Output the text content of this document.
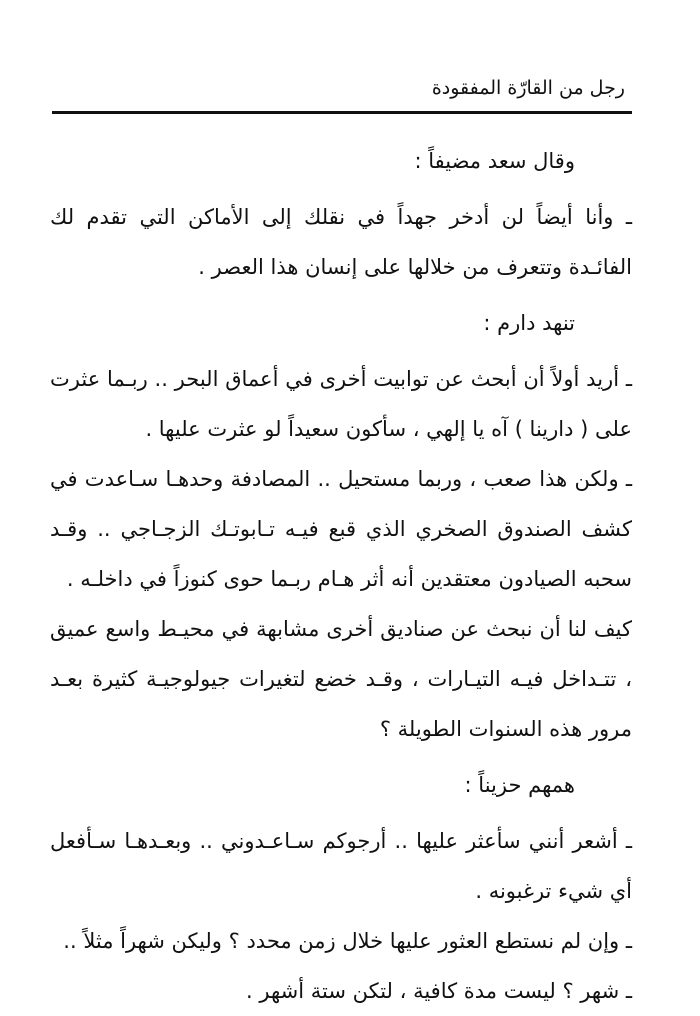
رجل من القارّة المفقودة

وقال سعد مضيفاً :

ـ وأنا أيضاً لن أدخر جهداً في نقلك إلى الأماكن التي تقدم لك الفائـدة وتتعرف من خلالها على إنسان هذا العصر .

تنهد دارم :

ـ أريد أولاً أن أبحث عن توابيت أخرى في أعماق البحر .. ربـما عثرت على ( دارينا ) آه يا إلهي ، سأكون سعيداً لو عثرت عليها .

ـ ولكن هذا صعب ، وربما مستحيل .. المصادفة وحدهـا سـاعدت في كشف الصندوق الصخري الذي قبع فيـه تـابوتـك الزجـاجي .. وقـد سحبه الصيادون معتقدين أنه أثر هـام ربـما حوى كنوزاً في داخلـه .

كيف لنا أن نبحث عن صناديق أخرى مشابهة في محيـط واسع عميق ، تتـداخل فيـه التيـارات ، وقـد خضع لتغيرات جيولوجيـة كثيرة بعـد مرور هذه السنوات الطويلة ؟

همهم حزيناً :

ـ أشعر أنني سأعثر عليها .. أرجوكم سـاعـدوني .. وبعـدهـا سـأفعل أي شيء ترغبونه .

ـ وإن لم نستطع العثور عليها خلال زمن محدد ؟ وليكن شهراً مثلاً ..

ـ شهر ؟ ليست مدة كافية ، لتكن ستة أشهر .
